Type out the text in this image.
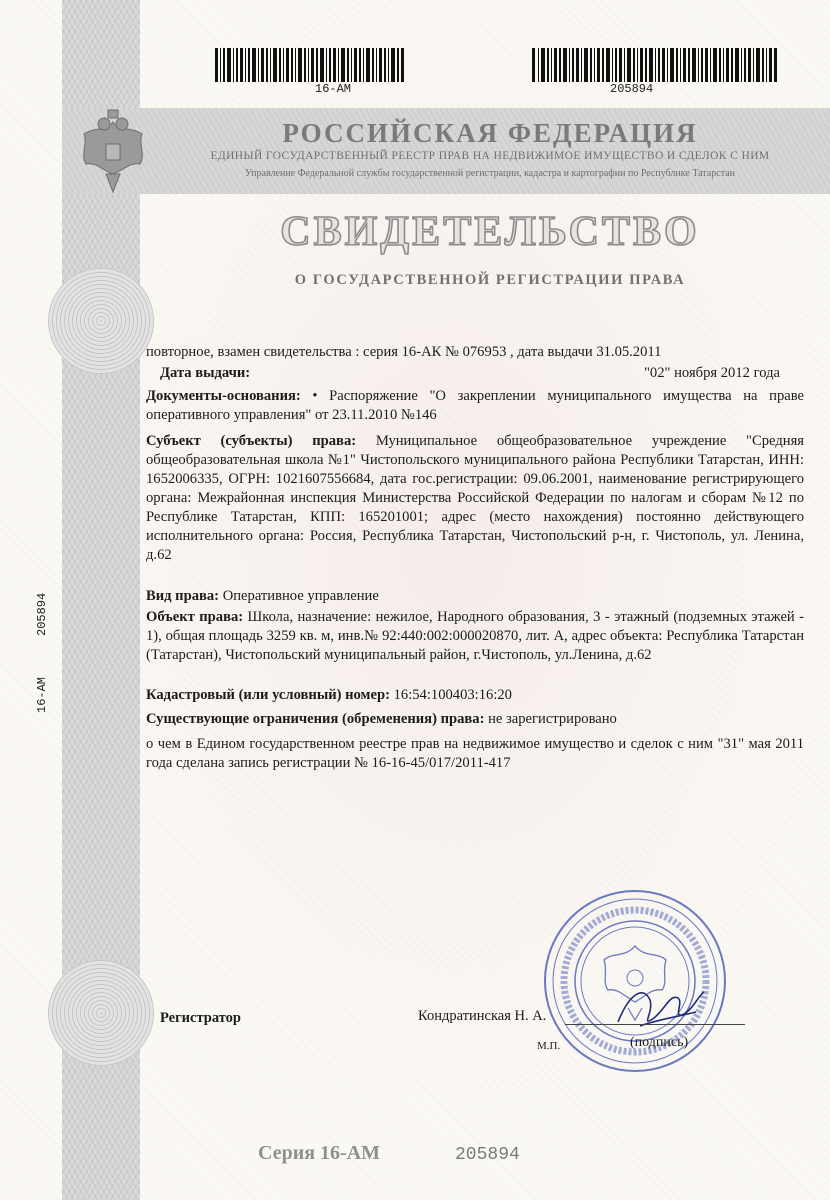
16-АМ	205894
РОССИЙСКАЯ ФЕДЕРАЦИЯ
ЕДИНЫЙ ГОСУДАРСТВЕННЫЙ РЕЕСТР ПРАВ НА НЕДВИЖИМОЕ ИМУЩЕСТВО И СДЕЛОК С НИМ
Управление Федеральной службы государственной регистрации, кадастра и картографии по Республике Татарстан
СВИДЕТЕЛЬСТВО
О ГОСУДАРСТВЕННОЙ РЕГИСТРАЦИИ ПРАВА
205894
16-АМ

повторное, взамен свидетельства : серия 16-АК № 076953 , дата выдачи 31.05.2011

Дата выдачи:	"02" ноября 2012 года

Документы-основания: • Распоряжение "О закреплении муниципального имущества на праве оперативного управления" от 23.11.2010 №146

Субъект (субъекты) права: Муниципальное общеобразовательное учреждение "Средняя общеобразовательная школа №1" Чистопольского муниципального района Республики Татарстан, ИНН: 1652006335, ОГРН: 1021607556684, дата гос.регистрации: 09.06.2001, наименование регистрирующего органа: Межрайонная инспекция Министерства Российской Федерации по налогам и сборам №12 по Республике Татарстан, КПП: 165201001; адрес (место нахождения) постоянно действующего исполнительного органа: Россия, Республика Татарстан, Чистопольский р-н, г. Чистополь, ул. Ленина, д.62

Вид права: Оперативное управление

Объект права: Школа, назначение: нежилое, Народного образования, 3 - этажный (подземных этажей - 1), общая площадь 3259 кв. м, инв.№ 92:440:002:000020870, лит. А, адрес объекта: Республика Татарстан (Татарстан), Чистопольский муниципальный район, г.Чистополь, ул.Ленина, д.62

Кадастровый (или условный) номер: 16:54:100403:16:20

Существующие ограничения (обременения) права: не зарегистрировано

о чем в Едином государственном реестре прав на недвижимое имущество и сделок с ним "31" мая 2011 года сделана запись регистрации № 16-16-45/017/2011-417

Регистратор	Кондратинская Н. А.
М.П.	(подпись)
Серия 16-АМ	205894
